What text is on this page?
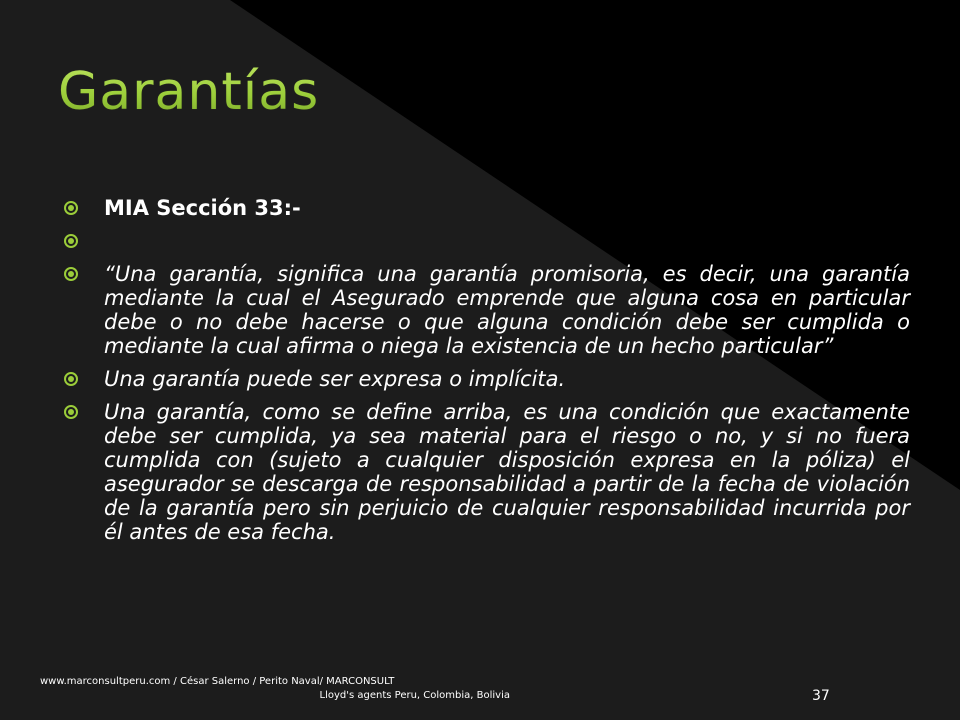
Garantías
MIA Sección 33:-
“Una garantía, significa una garantía promisoria, es decir, una garantía mediante la cual el Asegurado emprende que alguna cosa en particular debe o no debe hacerse o que alguna condición debe ser cumplida o mediante la cual afirma o niega la existencia de un hecho particular”
Una garantía puede ser expresa o implícita.
Una garantía, como se define arriba, es una condición que exactamente debe ser cumplida, ya sea material para el riesgo o no, y si no fuera cumplida con (sujeto a cualquier disposición expresa en la póliza) el asegurador se descarga de responsabilidad a partir de la fecha de violación de la garantía pero sin perjuicio de cualquier responsabilidad incurrida por él antes de esa fecha.
www.marconsultperu.com / César Salerno / Perito Naval/ MARCONSULT
Lloyd's agents Peru, Colombia, Bolivia	37
